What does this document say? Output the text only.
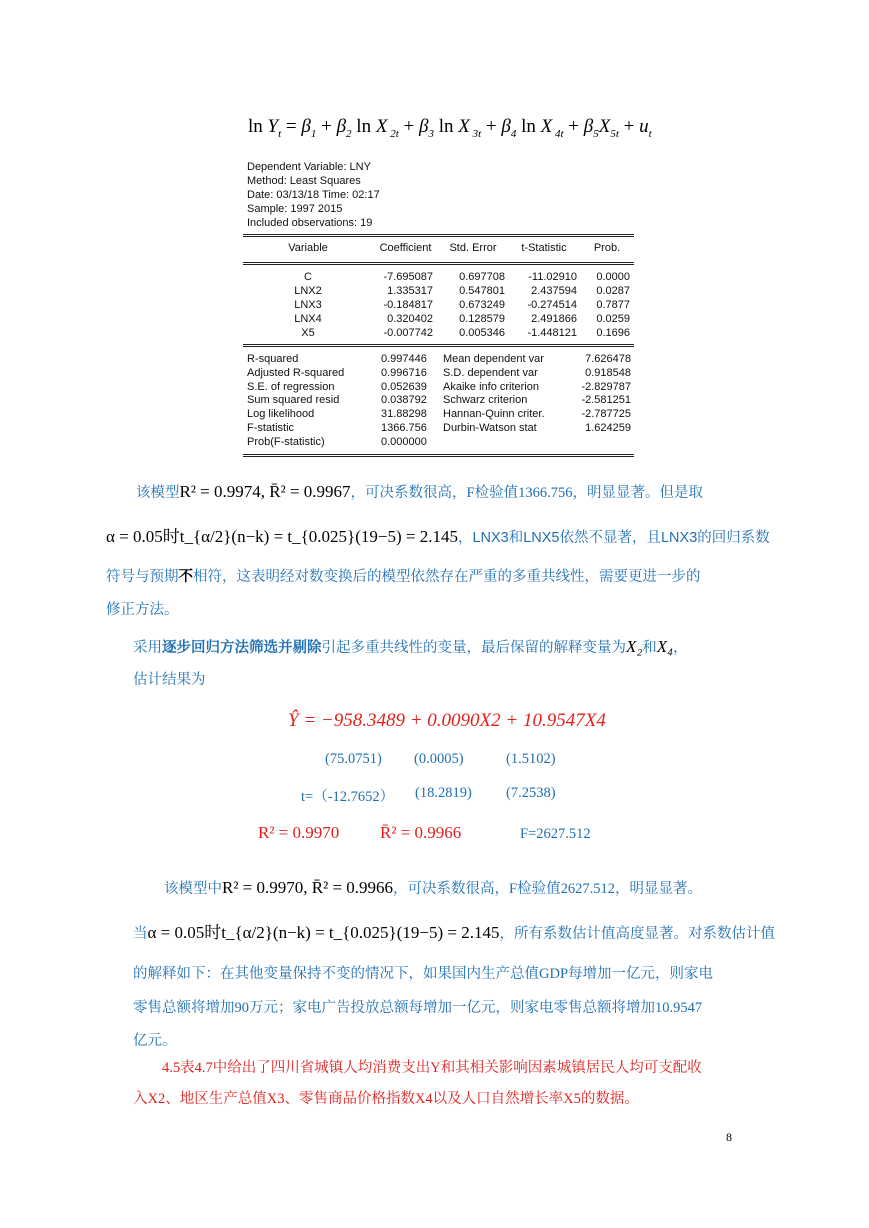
$\ln Y_t = \beta_1 + \beta_2$ ln X $_{2t} + \beta_3$ ln X $_{3t} + \beta_4$ ln X $_{4t} + \beta_5X_{5t} + u_t$
Dependent Variable: LNY
Method: Least Squares
Date: 03/13/18 Time: 02:17
Sample: 1997 2015
Included observations: 19
Variable	Coefficient	Std. Error	t-Statistic	Prob.
C	-7.695087	0.697708	-11.02910	0.0000
LNX2	1.335317	0.547801	2.437594	0.0287
LNX3	-0.184817	0.673249	-0.274514	0.7877
LNX4	0.320402	0.128579	2.491866	0.0259
X5	-0.007742	0.005346	-1.448121	0.1696
R-squared	0.997446	Mean dependent var	7.626478
Adjusted R-squared	0.996716	S.D. dependent var	0.918548
S.E. of regression	0.052639	Akaike info criterion	-2.829787
Sum squared resid	0.038792	Schwarz criterion	-2.581251
Log likelihood	31.88298	Hannan-Quinn criter.	-2.787725
F-statistic	1366.756	Durbin-Watson stat	1.624259
Prob(F-statistic)	0.000000
该模型R² = 0.9974, R̄² = 0.9967，可决系数很高，F检验值1366.756，明显显著。但是取
α = 0.05时t_{α/2}(n−k) = t_{0.025}(19−5) = 2.145，LNX3和LNX5依然不显著，且LNX3的回归系数
符号与预期不相符，这表明经对数变换后的模型依然存在严重的多重共线性，需要更进一步的
修正方法。
采用逐步回归方法筛选并剔除引起多重共线性的变量，最后保留的解释变量为X₂和X₄，
估计结果为
Ŷ = −958.3489 + 0.0090X2 + 10.9547X4
(75.0751) (0.0005)	(1.5102)
t=（-12.7652） (18.2819) (7.2538)
R² = 0.9970 R̄² = 0.9966	F=2627.512
该模型中R² = 0.9970, R̄² = 0.9966，可决系数很高，F检验值2627.512，明显显著。
当α = 0.05时t_{α/2}(n−k) = t_{0.025}(19−5) = 2.145，所有系数估计值高度显著。对系数估计值
的解释如下：在其他变量保持不变的情况下，如果国内生产总值GDP每增加一亿元，则家电
零售总额将增加90万元；家电广告投放总额每增加一亿元，则家电零售总额将增加10.9547
亿元。
4.5表4.7中给出了四川省城镇人均消费支出Y和其相关影响因素城镇居民人均可支配收
入X2、地区生产总值X3、零售商品价格指数X4以及人口自然增长率X5的数据。
8
